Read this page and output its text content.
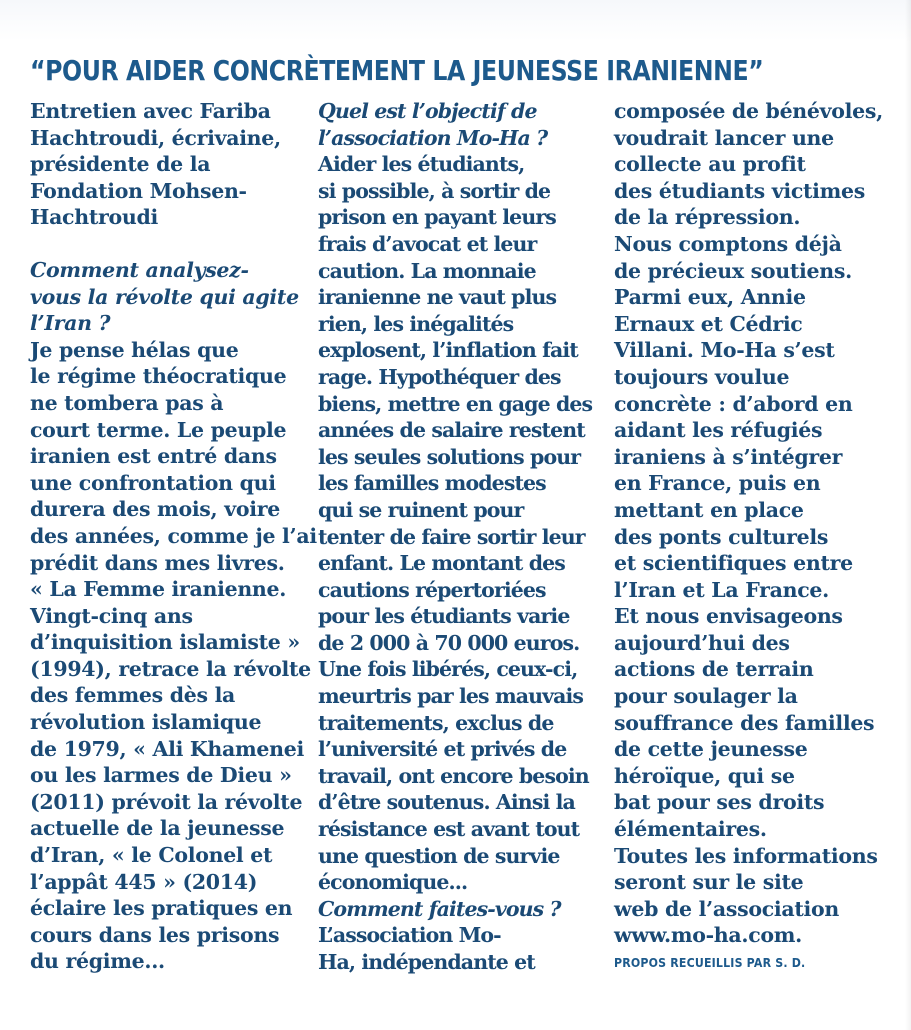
“POUR AIDER CONCRÈTEMENT LA JEUNESSE IRANIENNE”
Entretien avec Fariba
Hachtroudi, écrivaine,
présidente de la
Fondation Mohsen-
Hachtroudi
Comment analysez-
vous la révolte qui agite
l’Iran ?
Je pense hélas que
le régime théocratique
ne tombera pas à
court terme. Le peuple
iranien est entré dans
une confrontation qui
durera des mois, voire
des années, comme je l’ai
prédit dans mes livres.
« La Femme iranienne.
Vingt-cinq ans
d’inquisition islamiste »
(1994), retrace la révolte
des femmes dès la
révolution islamique
de 1979, « Ali Khamenei
ou les larmes de Dieu »
(2011) prévoit la révolte
actuelle de la jeunesse
d’Iran, « le Colonel et
l’appât 445 » (2014)
éclaire les pratiques en
cours dans les prisons
du régime...
Quel est l’objectif de
l’association Mo-Ha ?
Aider les étudiants,
si possible, à sortir de
prison en payant leurs
frais d’avocat et leur
caution. La monnaie
iranienne ne vaut plus
rien, les inégalités
explosent, l’inflation fait
rage. Hypothéquer des
biens, mettre en gage des
années de salaire restent
les seules solutions pour
les familles modestes
qui se ruinent pour
tenter de faire sortir leur
enfant. Le montant des
cautions répertoriées
pour les étudiants varie
de 2 000 à 70 000 euros.
Une fois libérés, ceux-ci,
meurtris par les mauvais
traitements, exclus de
l’université et privés de
travail, ont encore besoin
d’être soutenus. Ainsi la
résistance est avant tout
une question de survie
économique...
Comment faites-vous ?
L’association Mo-
Ha, indépendante et
composée de bénévoles,
voudrait lancer une
collecte au profit
des étudiants victimes
de la répression.
Nous comptons déjà
de précieux soutiens.
Parmi eux, Annie
Ernaux et Cédric
Villani. Mo-Ha s’est
toujours voulue
concrète : d’abord en
aidant les réfugiés
iraniens à s’intégrer
en France, puis en
mettant en place
des ponts culturels
et scientifiques entre
l’Iran et La France.
Et nous envisageons
aujourd’hui des
actions de terrain
pour soulager la
souffrance des familles
de cette jeunesse
héroïque, qui se
bat pour ses droits
élémentaires.
Toutes les informations
seront sur le site
web de l’association
www.mo-ha.com.
PROPOS RECUEILLIS PAR S. D.
